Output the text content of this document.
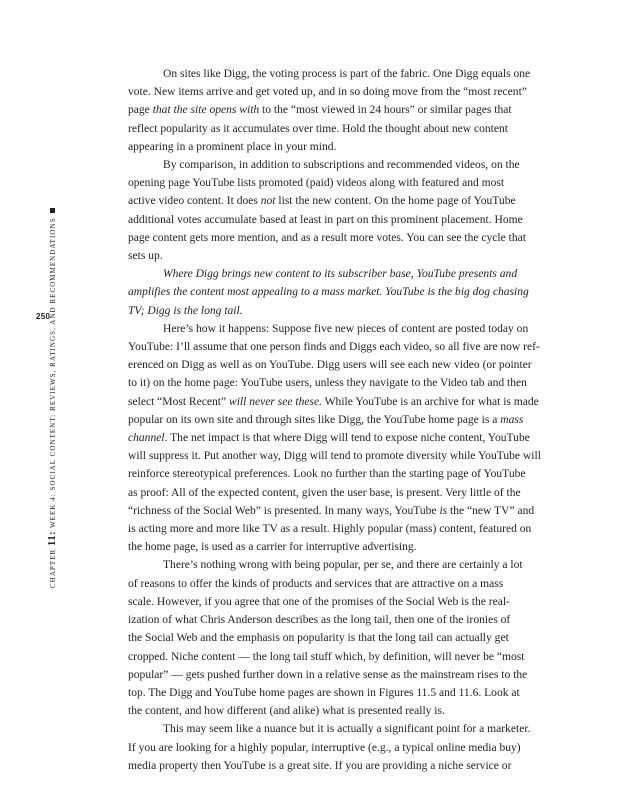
250
CHAPTER 11: WEEK 4: SOCIAL CONTENT: REVIEWS, RATINGS, AND RECOMMENDATIONS
On sites like Digg, the voting process is part of the fabric. One Digg equals one
vote. New items arrive and get voted up, and in so doing move from the “most recent”
page that the site opens with to the “most viewed in 24 hours” or similar pages that
reflect popularity as it accumulates over time. Hold the thought about new content
appearing in a prominent place in your mind.
By comparison, in addition to subscriptions and recommended videos, on the
opening page YouTube lists promoted (paid) videos along with featured and most
active video content. It does not list the new content. On the home page of YouTube
additional votes accumulate based at least in part on this prominent placement. Home
page content gets more mention, and as a result more votes. You can see the cycle that
sets up.
Where Digg brings new content to its subscriber base, YouTube presents and
amplifies the content most appealing to a mass market. YouTube is the big dog chasing
TV; Digg is the long tail.
Here’s how it happens: Suppose five new pieces of content are posted today on
YouTube: I’ll assume that one person finds and Diggs each video, so all five are now ref-
erenced on Digg as well as on YouTube. Digg users will see each new video (or pointer
to it) on the home page: YouTube users, unless they navigate to the Video tab and then
select “Most Recent” will never see these. While YouTube is an archive for what is made
popular on its own site and through sites like Digg, the YouTube home page is a mass
channel. The net impact is that where Digg will tend to expose niche content, YouTube
will suppress it. Put another way, Digg will tend to promote diversity while YouTube will
reinforce stereotypical preferences. Look no further than the starting page of YouTube
as proof: All of the expected content, given the user base, is present. Very little of the
“richness of the Social Web” is presented. In many ways, YouTube is the “new TV” and
is acting more and more like TV as a result. Highly popular (mass) content, featured on
the home page, is used as a carrier for interruptive advertising.
There’s nothing wrong with being popular, per se, and there are certainly a lot
of reasons to offer the kinds of products and services that are attractive on a mass
scale. However, if you agree that one of the promises of the Social Web is the real-
ization of what Chris Anderson describes as the long tail, then one of the ironies of
the Social Web and the emphasis on popularity is that the long tail can actually get
cropped. Niche content — the long tail stuff which, by definition, will never be “most
popular” — gets pushed further down in a relative sense as the mainstream rises to the
top. The Digg and YouTube home pages are shown in Figures 11.5 and 11.6. Look at
the content, and how different (and alike) what is presented really is.
This may seem like a nuance but it is actually a significant point for a marketer.
If you are looking for a highly popular, interruptive (e.g., a typical online media buy)
media property then YouTube is a great site. If you are providing a niche service or
